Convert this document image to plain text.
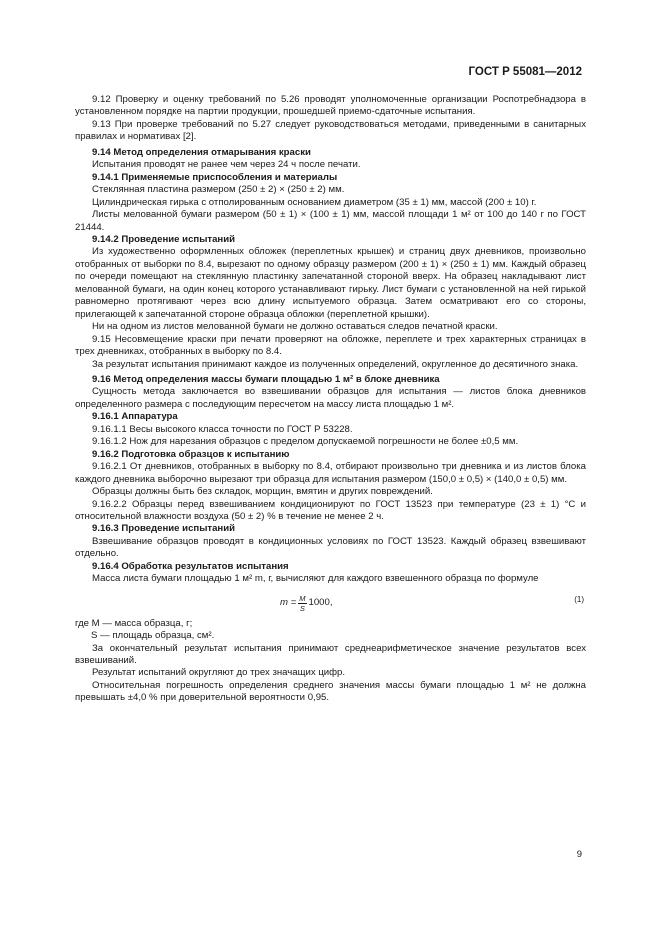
ГОСТ Р 55081—2012

9.12 Проверку и оценку требований по 5.26 проводят уполномоченные организации Роспотребнадзора в установленном порядке на партии продукции, прошедшей приемо-сдаточные испытания.

9.13 При проверке требований по 5.27 следует руководствоваться методами, приведенными в санитарных правилах и нормативах [2].

9.14 Метод определения отмарывания краски

Испытания проводят не ранее чем через 24 ч после печати.

9.14.1 Применяемые приспособления и материалы

Стеклянная пластина размером (250 ± 2) × (250 ± 2) мм.

Цилиндрическая гирька с отполированным основанием диаметром (35 ± 1) мм, массой (200 ± 10) г.

Листы мелованной бумаги размером (50 ± 1) × (100 ± 1) мм, массой площади 1 м² от 100 до 140 г по ГОСТ 21444.

9.14.2 Проведение испытаний

Из художественно оформленных обложек (переплетных крышек) и страниц двух дневников, произвольно отобранных от выборки по 8.4, вырезают по одному образцу размером (200 ± 1) × (250 ± 1) мм. Каждый образец по очереди помещают на стеклянную пластинку запечатанной стороной вверх. На образец накладывают лист мелованной бумаги, на один конец которого устанавливают гирьку. Лист бумаги с установленной на ней гирькой равномерно протягивают через всю длину испытуемого образца. Затем осматривают его со стороны, прилегающей к запечатанной стороне образца обложки (переплетной крышки).

Ни на одном из листов мелованной бумаги не должно оставаться следов печатной краски.

9.15 Несовмещение краски при печати проверяют на обложке, переплете и трех характерных страницах в трех дневниках, отобранных в выборку по 8.4.

За результат испытания принимают каждое из полученных определений, округленное до десятичного знака.

9.16 Метод определения массы бумаги площадью 1 м² в блоке дневника

Сущность метода заключается во взвешивании образцов для испытания — листов блока дневников определенного размера с последующим пересчетом на массу листа площадью 1 м².

9.16.1 Аппаратура

9.16.1.1 Весы высокого класса точности по ГОСТ Р 53228.

9.16.1.2 Нож для нарезания образцов с пределом допускаемой погрешности не более ±0,5 мм.

9.16.2 Подготовка образцов к испытанию

9.16.2.1 От дневников, отобранных в выборку по 8.4, отбирают произвольно три дневника и из листов блока каждого дневника выборочно вырезают три образца для испытания размером (150,0 ± 0,5) × (140,0 ± 0,5) мм.

Образцы должны быть без складок, морщин, вмятин и других повреждений.

9.16.2.2 Образцы перед взвешиванием кондиционируют по ГОСТ 13523 при температуре (23 ± 1) °С и относительной влажности воздуха (50 ± 2) % в течение не менее 2 ч.

9.16.3 Проведение испытаний

Взвешивание образцов проводят в кондиционных условиях по ГОСТ 13523. Каждый образец взвешивают отдельно.

9.16.4 Обработка результатов испытания

Масса листа бумаги площадью 1 м² m, г, вычисляют для каждого взвешенного образца по формуле

$m = \frac{M}{S} 1000$,	(1)

где M — масса образца, г;

S — площадь образца, см².

За окончательный результат испытания принимают среднеарифметическое значение результатов всех взвешиваний.

Результат испытаний округляют до трех значащих цифр.

Относительная погрешность определения среднего значения массы бумаги площадью 1 м² не должна превышать ±4,0 % при доверительной вероятности 0,95.

9
